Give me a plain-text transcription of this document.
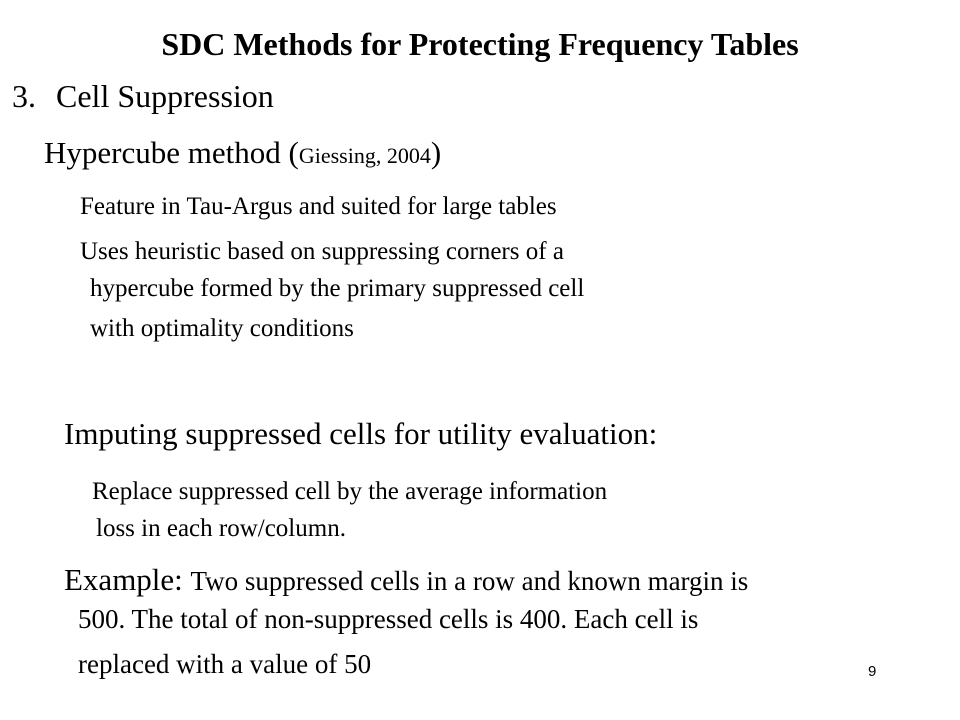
SDC Methods for Protecting Frequency Tables
3. Cell Suppression
Hypercube method (Giessing, 2004)
Feature in Tau-Argus and suited for large tables
Uses heuristic based on suppressing corners of a
hypercube formed by the primary suppressed cell
with optimality conditions
Imputing suppressed cells for utility evaluation:
Replace suppressed cell by the average information
loss in each row/column.
Example: Two suppressed cells in a row and known margin is
500. The total of non-suppressed cells is 400. Each cell is
replaced with a value of 50	9
